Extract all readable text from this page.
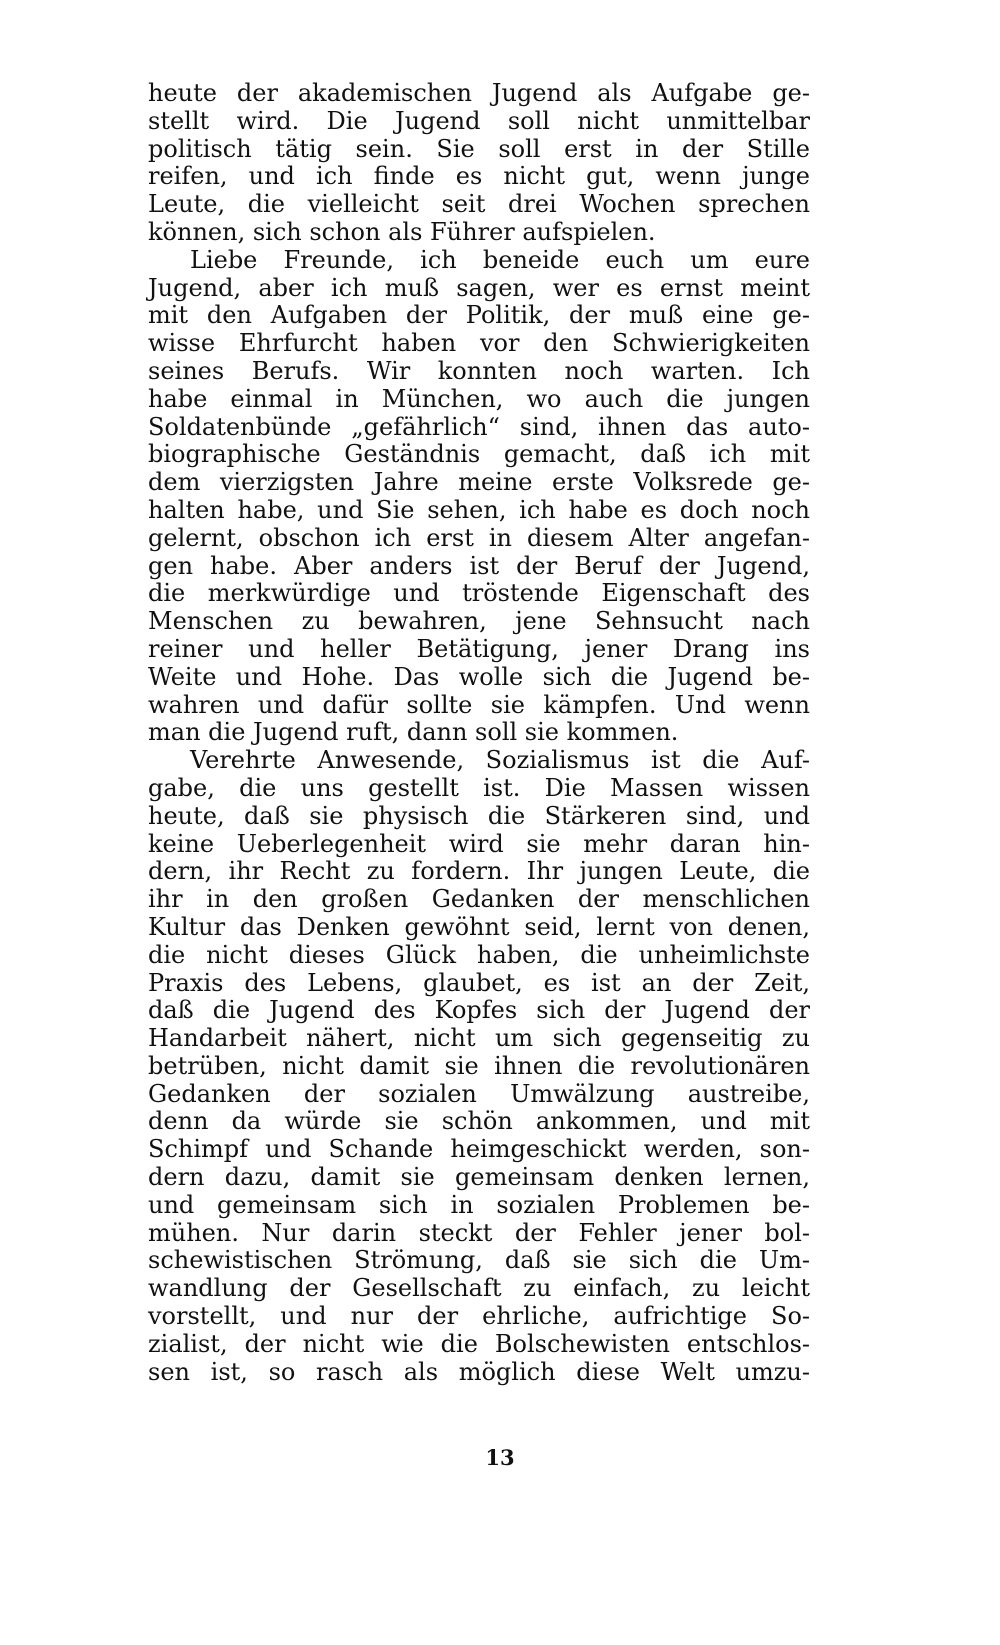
heute der akademischen Jugend als Aufgabe ge-
stellt wird. Die Jugend soll nicht unmittelbar
politisch tätig sein. Sie soll erst in der Stille
reifen, und ich finde es nicht gut, wenn junge
Leute, die vielleicht seit drei Wochen sprechen
können, sich schon als Führer aufspielen.
Liebe Freunde, ich beneide euch um eure
Jugend, aber ich muß sagen, wer es ernst meint
mit den Aufgaben der Politik, der muß eine ge-
wisse Ehrfurcht haben vor den Schwierigkeiten
seines Berufs. Wir konnten noch warten. Ich
habe einmal in München, wo auch die jungen
Soldatenbünde „gefährlich“ sind, ihnen das auto-
biographische Geständnis gemacht, daß ich mit
dem vierzigsten Jahre meine erste Volksrede ge-
halten habe, und Sie sehen, ich habe es doch noch
gelernt, obschon ich erst in diesem Alter angefan-
gen habe. Aber anders ist der Beruf der Jugend,
die merkwürdige und tröstende Eigenschaft des
Menschen zu bewahren, jene Sehnsucht nach
reiner und heller Betätigung, jener Drang ins
Weite und Hohe. Das wolle sich die Jugend be-
wahren und dafür sollte sie kämpfen. Und wenn
man die Jugend ruft, dann soll sie kommen.
Verehrte Anwesende, Sozialismus ist die Auf-
gabe, die uns gestellt ist. Die Massen wissen
heute, daß sie physisch die Stärkeren sind, und
keine Ueberlegenheit wird sie mehr daran hin-
dern, ihr Recht zu fordern. Ihr jungen Leute, die
ihr in den großen Gedanken der menschlichen
Kultur das Denken gewöhnt seid, lernt von denen,
die nicht dieses Glück haben, die unheimlichste
Praxis des Lebens, glaubet, es ist an der Zeit,
daß die Jugend des Kopfes sich der Jugend der
Handarbeit nähert, nicht um sich gegenseitig zu
betrüben, nicht damit sie ihnen die revolutionären
Gedanken der sozialen Umwälzung austreibe,
denn da würde sie schön ankommen, und mit
Schimpf und Schande heimgeschickt werden, son-
dern dazu, damit sie gemeinsam denken lernen,
und gemeinsam sich in sozialen Problemen be-
mühen. Nur darin steckt der Fehler jener bol-
schewistischen Strömung, daß sie sich die Um-
wandlung der Gesellschaft zu einfach, zu leicht
vorstellt, und nur der ehrliche, aufrichtige So-
zialist, der nicht wie die Bolschewisten entschlos-
sen ist, so rasch als möglich diese Welt umzu-
13
